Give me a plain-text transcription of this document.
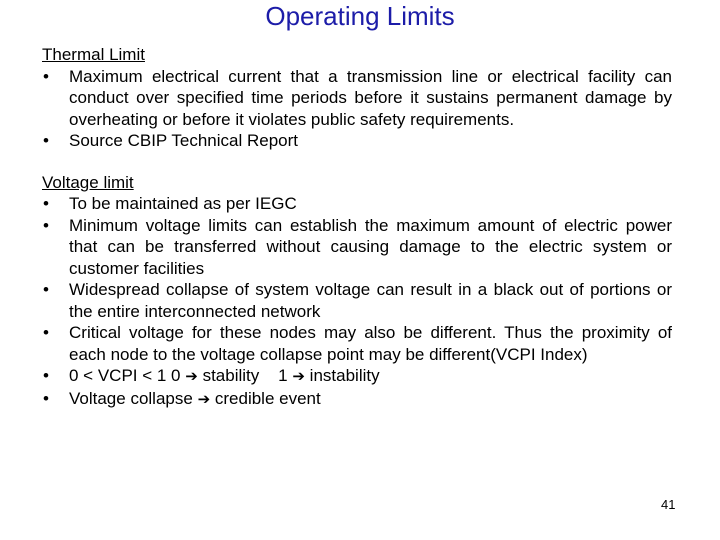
Operating Limits
Thermal Limit
• Maximum electrical current that a transmission line or electrical facility can conduct over specified time periods before it sustains permanent damage by overheating or before it violates public safety requirements.
• Source CBIP Technical Report
Voltage limit
• To be maintained as per IEGC
• Minimum voltage limits can establish the maximum amount of electric power that can be transferred without causing damage to the electric system or customer facilities
• Widespread collapse of system voltage can result in a black out of portions or the entire interconnected network
• Critical voltage for these nodes may also be different. Thus the proximity of each node to the voltage collapse point may be different(VCPI Index)
• 0 < VCPI < 1 0 ➔ stability 1 ➔ instability
• Voltage collapse ➔ credible event
41
